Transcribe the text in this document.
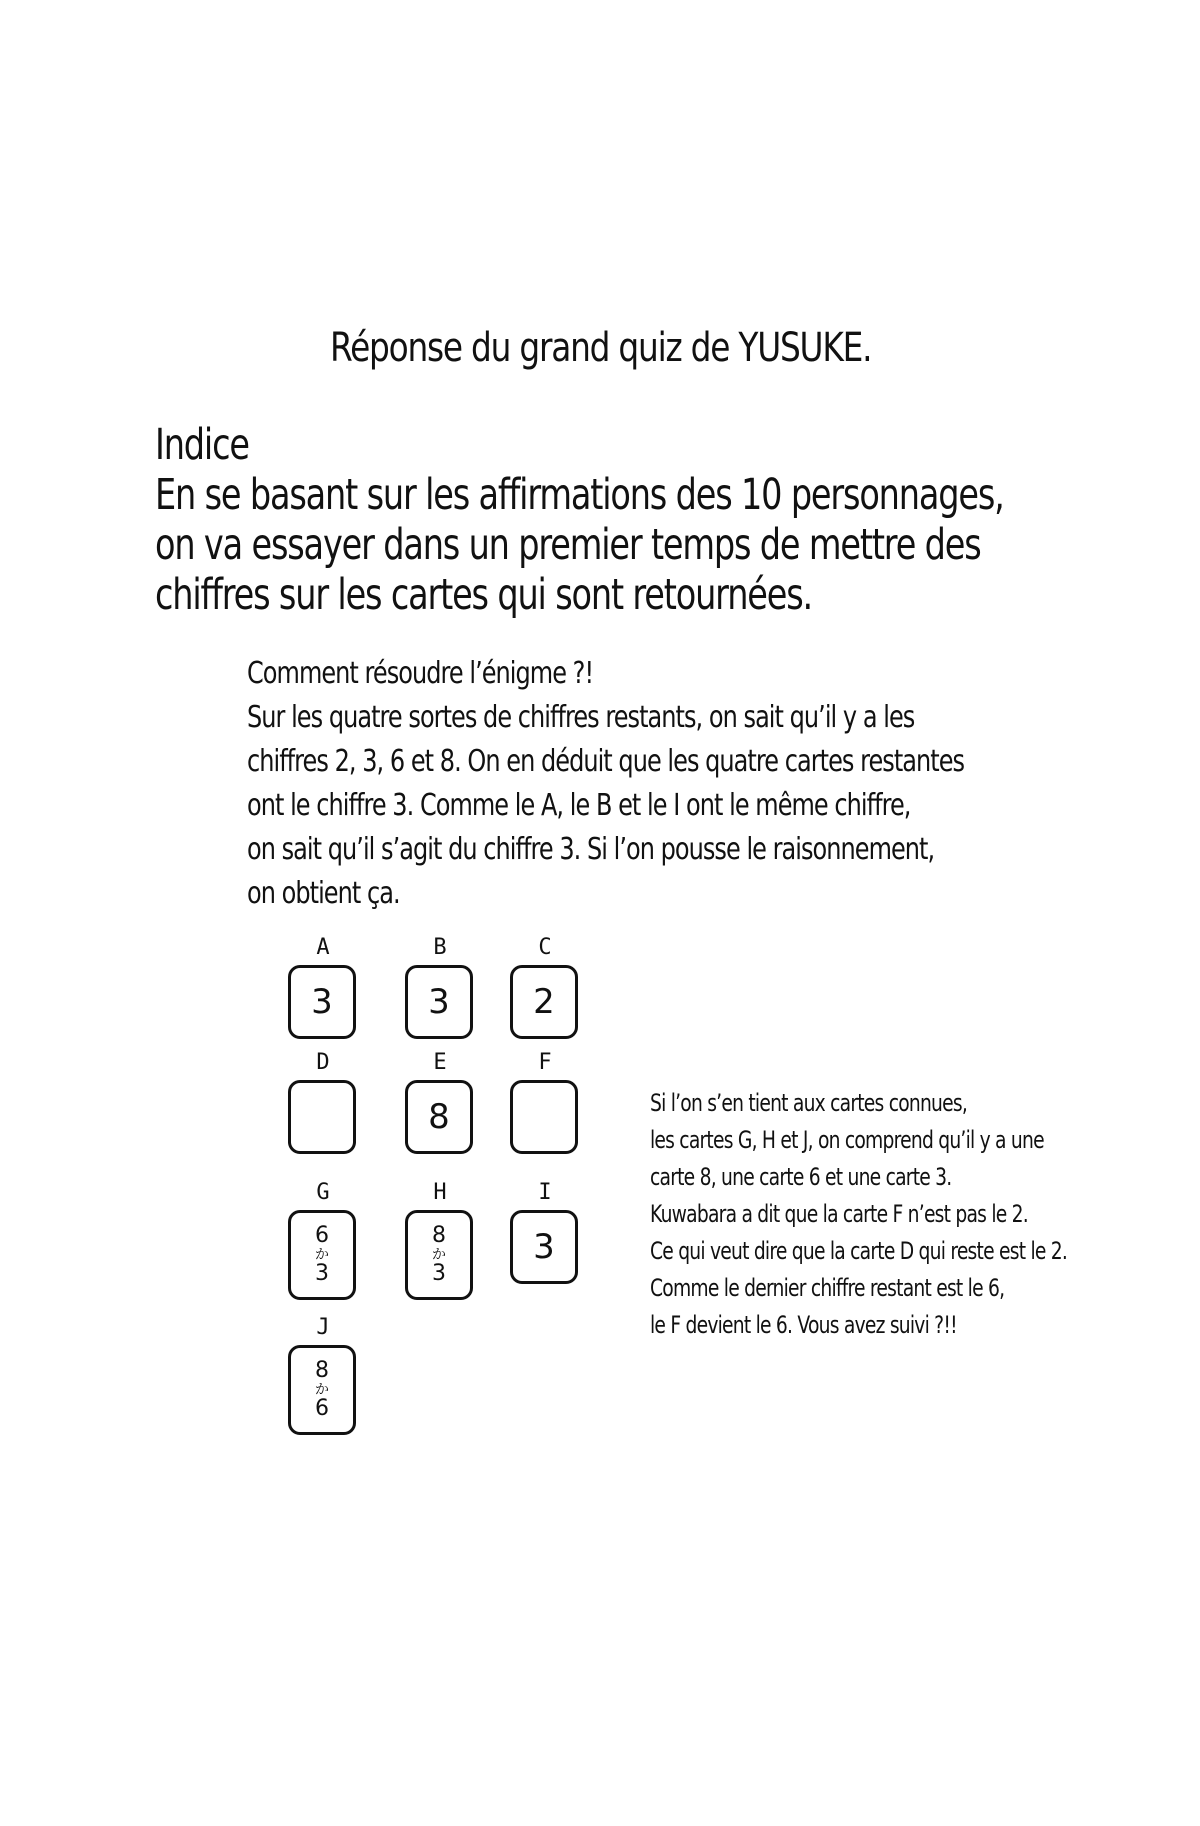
Réponse du grand quiz de YUSUKE.
Indice
En se basant sur les affirmations des 10 personnages,
on va essayer dans un premier temps de mettre des
chiffres sur les cartes qui sont retournées.
Comment résoudre l’énigme ?!
Sur les quatre sortes de chiffres restants, on sait qu’il y a les
chiffres 2, 3, 6 et 8. On en déduit que les quatre cartes restantes
ont le chiffre 3. Comme le A, le B et le I ont le même chiffre,
on sait qu’il s’agit du chiffre 3. Si l’on pousse le raisonnement,
on obtient ça.
A
3
B
3
C
2
D	E
8
F
G
6
か
3
H
8
か
3
I
3
J
8
か
6
Si l’on s’en tient aux cartes connues,
les cartes G, H et J, on comprend qu’il y a une
carte 8, une carte 6 et une carte 3.
Kuwabara a dit que la carte F n’est pas le 2.
Ce qui veut dire que la carte D qui reste est le 2.
Comme le dernier chiffre restant est le 6,
le F devient le 6. Vous avez suivi ?!!
